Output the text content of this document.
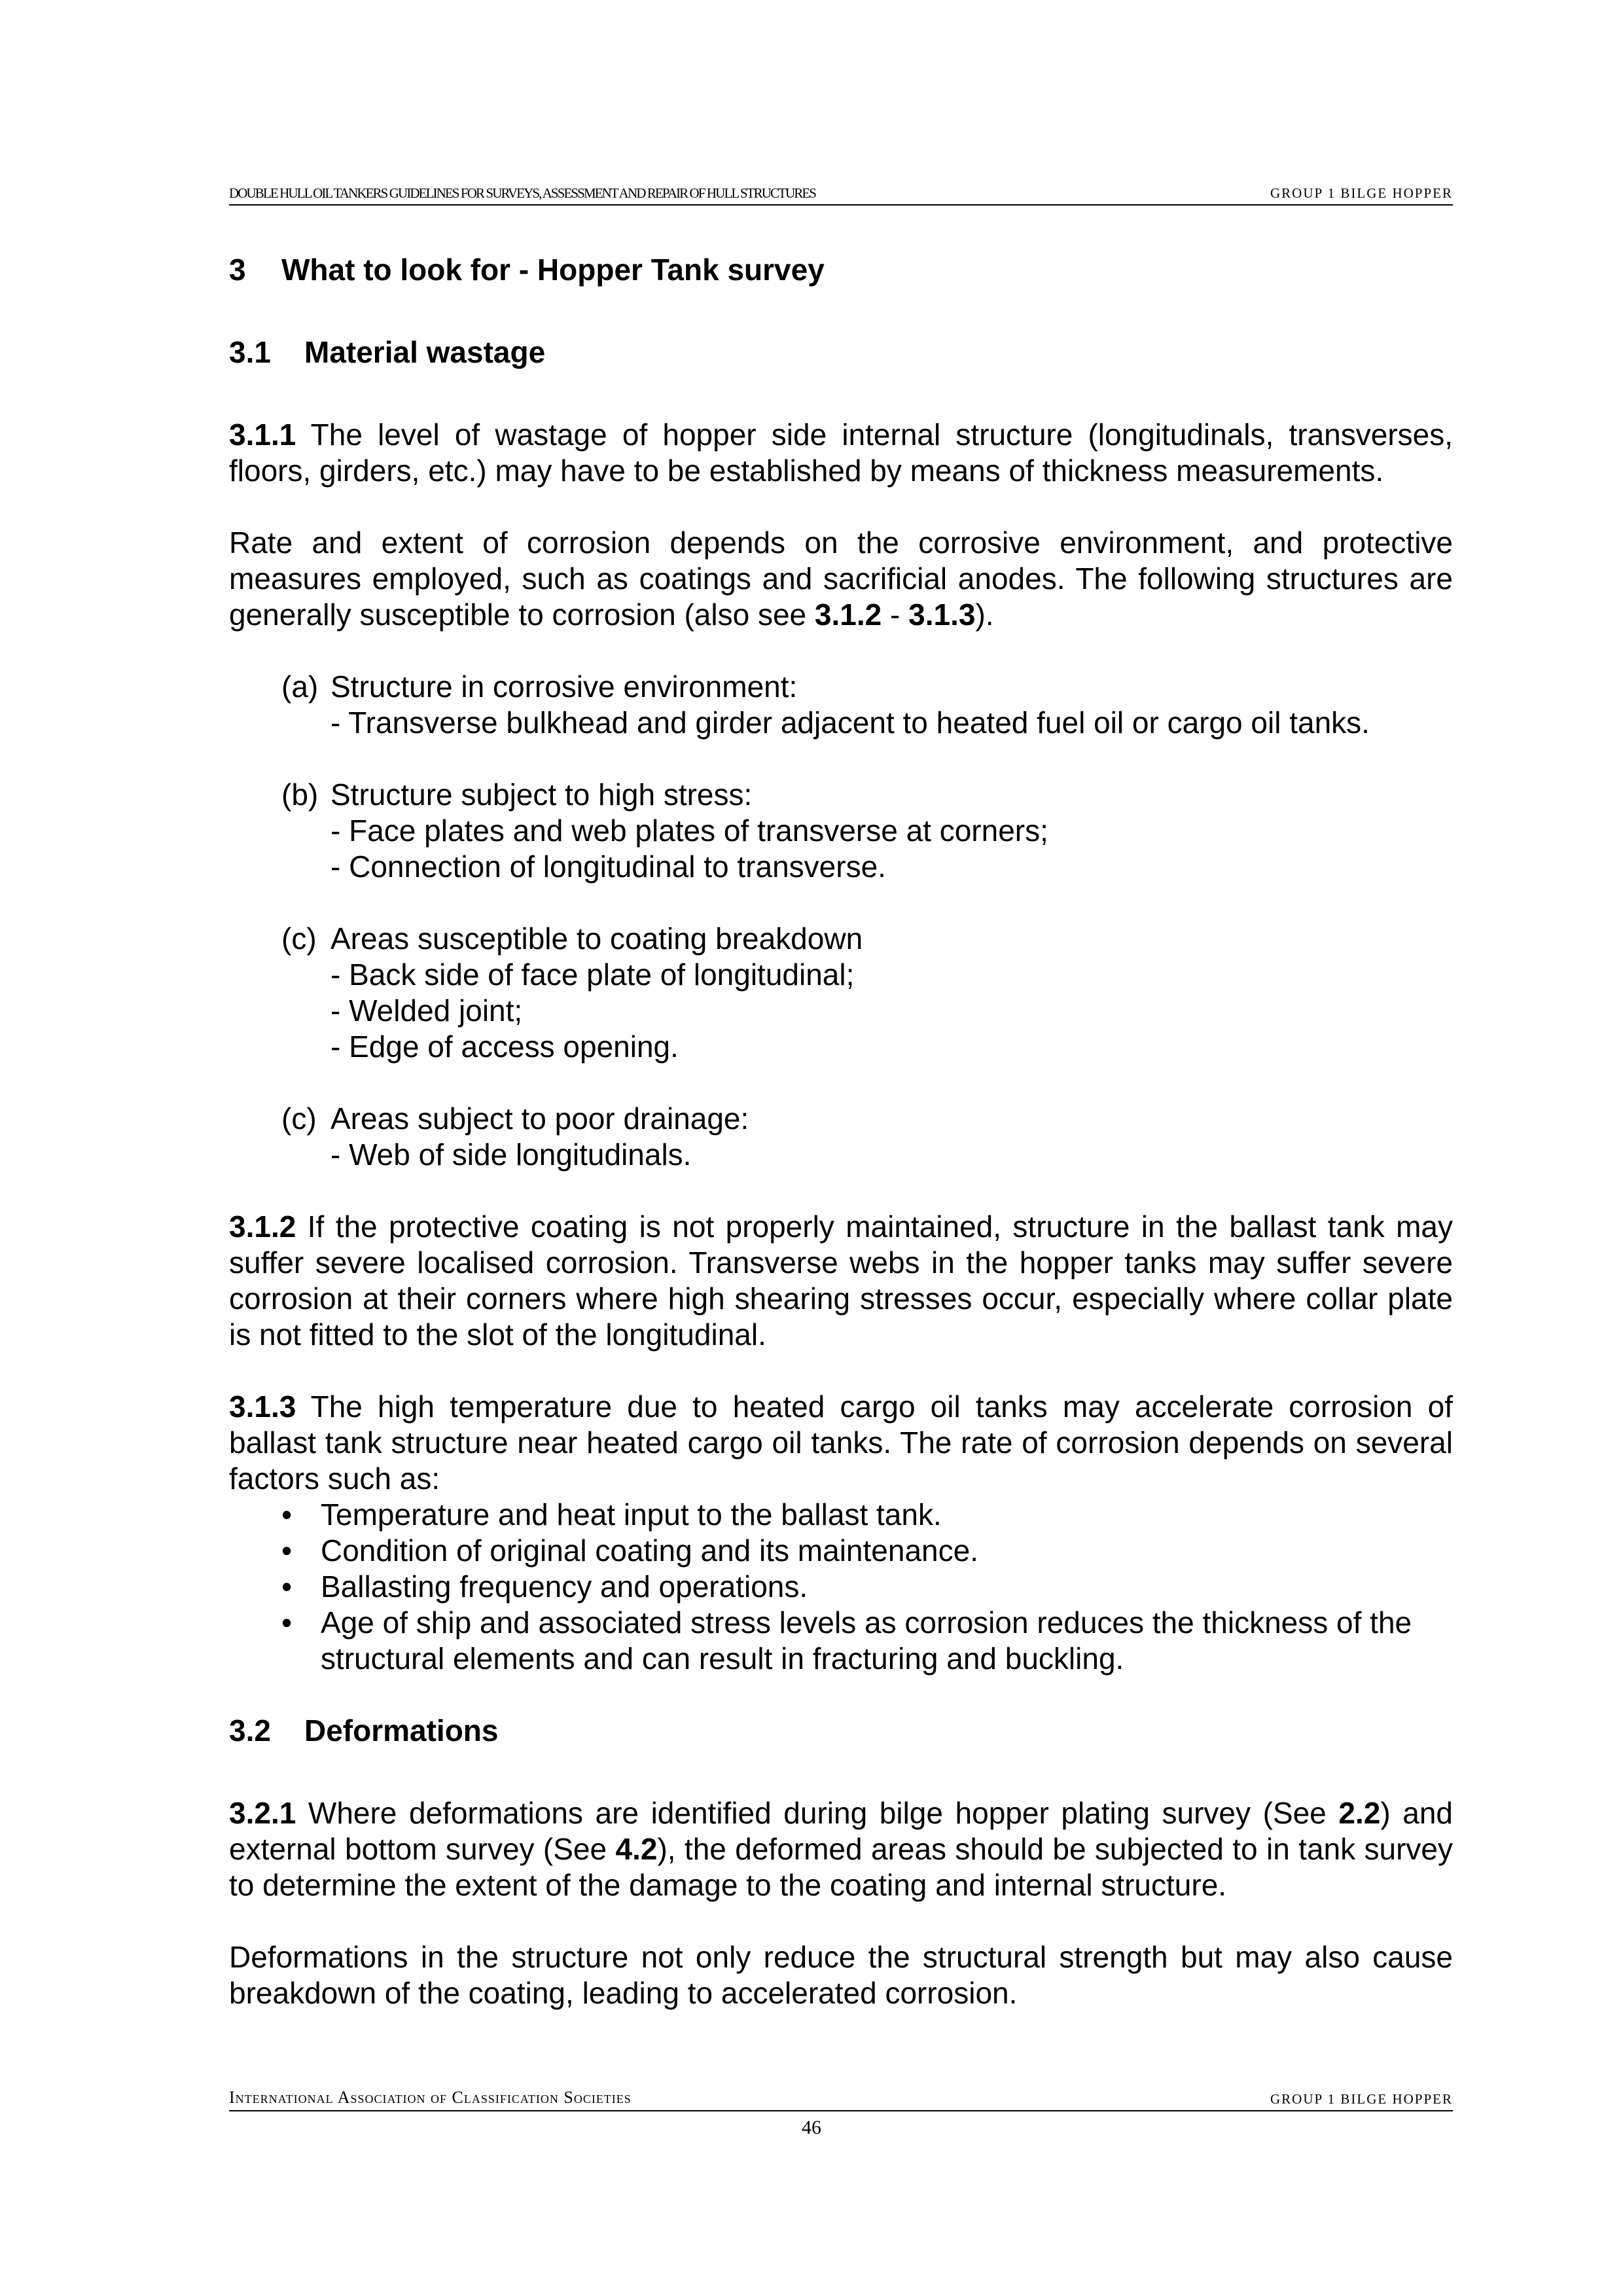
DOUBLE HULL OIL TANKERS GUIDELINES FOR SURVEYS, ASSESSMENT AND REPAIR OF HULL STRUCTURES	GROUP 1 BILGE HOPPER
3 What to look for - Hopper Tank survey
3.1 Material wastage

3.1.1 The level of wastage of hopper side internal structure (longitudinals, transverses, floors, girders, etc.) may have to be established by means of thickness measurements.

Rate and extent of corrosion depends on the corrosive environment, and protective measures employed, such as coatings and sacrificial anodes. The following structures are generally susceptible to corrosion (also see 3.1.2 - 3.1.3).

(a) Structure in corrosive environment:
- Transverse bulkhead and girder adjacent to heated fuel oil or cargo oil tanks.
(b) Structure subject to high stress:
- Face plates and web plates of transverse at corners;
- Connection of longitudinal to transverse.
(c) Areas susceptible to coating breakdown
- Back side of face plate of longitudinal;
- Welded joint;
- Edge of access opening.
(c) Areas subject to poor drainage:
- Web of side longitudinals.

3.1.2 If the protective coating is not properly maintained, structure in the ballast tank may suffer severe localised corrosion. Transverse webs in the hopper tanks may suffer severe corrosion at their corners where high shearing stresses occur, especially where collar plate is not fitted to the slot of the longitudinal.

3.1.3 The high temperature due to heated cargo oil tanks may accelerate corrosion of ballast tank structure near heated cargo oil tanks. The rate of corrosion depends on several factors such as:

• Temperature and heat input to the ballast tank.
• Condition of original coating and its maintenance.
• Ballasting frequency and operations.
• Age of ship and associated stress levels as corrosion reduces the thickness of the structural elements and can result in fracturing and buckling.
3.2 Deformations

3.2.1 Where deformations are identified during bilge hopper plating survey (See 2.2) and external bottom survey (See 4.2), the deformed areas should be subjected to in tank survey to determine the extent of the damage to the coating and internal structure.

Deformations in the structure not only reduce the structural strength but may also cause breakdown of the coating, leading to accelerated corrosion.

International Association of Classification Societies	GROUP 1 BILGE HOPPER
46
